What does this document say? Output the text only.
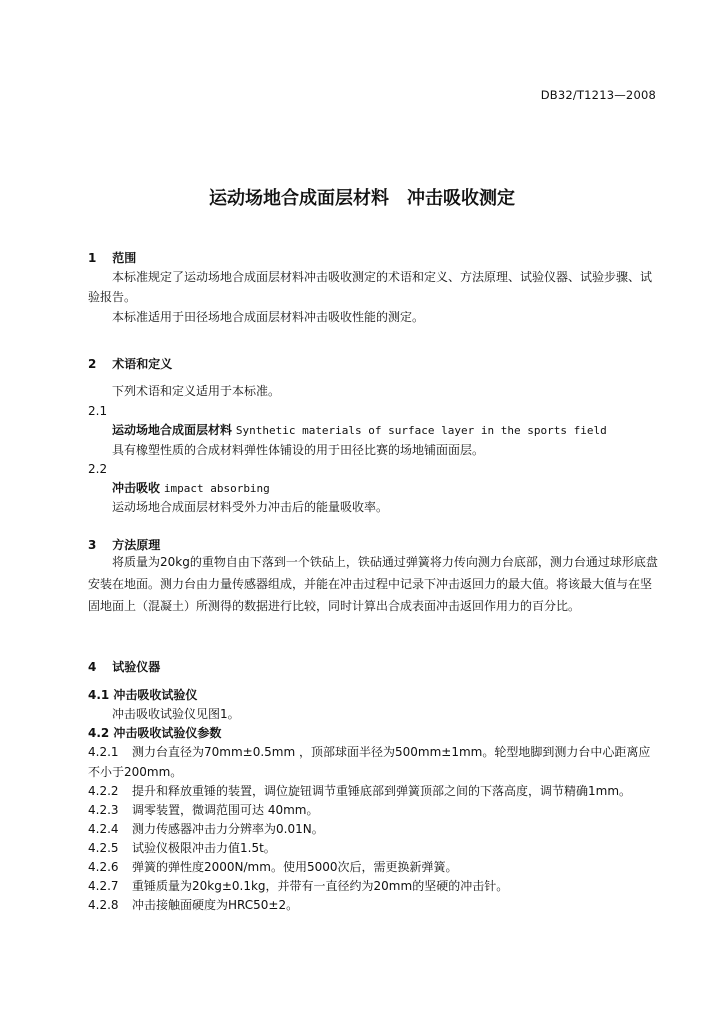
DB32/T1213—2008
运动场地合成面层材料　冲击吸收测定
1 范围
本标准规定了运动场地合成面层材料冲击吸收测定的术语和定义、方法原理、试验仪器、试验步骤、试验报告。
本标准适用于田径场地合成面层材料冲击吸收性能的测定。
2 术语和定义
下列术语和定义适用于本标准。
2.1
运动场地合成面层材料 Synthetic materials of surface layer in the sports field
具有橡塑性质的合成材料弹性体铺设的用于田径比赛的场地铺面面层。
2.2
冲击吸收 impact absorbing
运动场地合成面层材料受外力冲击后的能量吸收率。
3 方法原理
将质量为20kg的重物自由下落到一个铁砧上，铁砧通过弹簧将力传向测力台底部，测力台通过球形底盘安装在地面。测力台由力量传感器组成，并能在冲击过程中记录下冲击返回力的最大值。将该最大值与在坚固地面上（混凝土）所测得的数据进行比较，同时计算出合成表面冲击返回作用力的百分比。
4 试验仪器
4.1 冲击吸收试验仪
冲击吸收试验仪见图1。
4.2 冲击吸收试验仪参数
4.2.1 测力台直径为70mm±0.5mm ，顶部球面半径为500mm±1mm。轮型地脚到测力台中心距离应不小于200mm。
4.2.2 提升和释放重锤的装置，调位旋钮调节重锤底部到弹簧顶部之间的下落高度，调节精确1mm。
4.2.3 调零装置，微调范围可达 40mm。
4.2.4 测力传感器冲击力分辨率为0.01N。
4.2.5 试验仪极限冲击力值1.5t。
4.2.6 弹簧的弹性度2000N/mm。使用5000次后，需更换新弹簧。
4.2.7 重锤质量为20kg±0.1kg，并带有一直径约为20mm的坚硬的冲击针。
4.2.8 冲击接触面硬度为HRC50±2。
